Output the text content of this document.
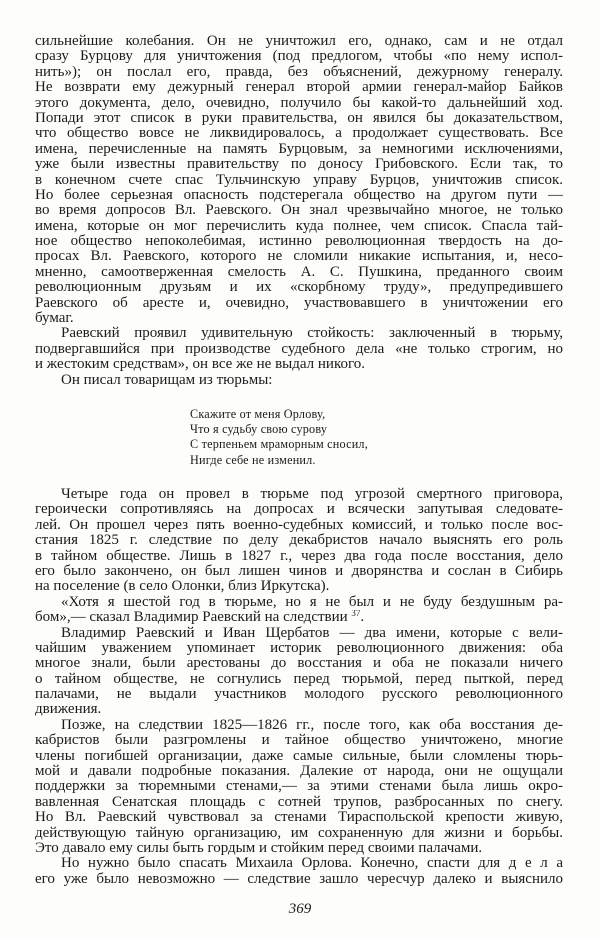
сильнейшие колебания. Он не уничтожил его, однако, сам и не отдал
сразу Бурцову для уничтожения (под предлогом, чтобы «по нему испол-
нить»); он послал его, правда, без объяснений, дежурному генералу.
Не возврати ему дежурный генерал второй армии генерал-майор Байков
этого документа, дело, очевидно, получило бы какой-то дальнейший ход.
Попади этот список в руки правительства, он явился бы доказательством,
что общество вовсе не ликвидировалось, а продолжает существовать. Все
имена, перечисленные на память Бурцовым, за немногими исключениями,
уже были известны правительству по доносу Грибовского. Если так, то
в конечном счете спас Тульчинскую управу Бурцов, уничтожив список.
Но более серьезная опасность подстерегала общество на другом пути —
во время допросов Вл. Раевского. Он знал чрезвычайно многое, не только
имена, которые он мог перечислить куда полнее, чем список. Спасла тай-
ное общество непоколебимая, истинно революционная твердость на до-
просах Вл. Раевского, которого не сломили никакие испытания, и, несо-
мненно, самоотверженная смелость А. С. Пушкина, преданного своим
революционным друзьям и их «скорбному труду», предупредившего
Раевского об аресте и, очевидно, участвовавшего в уничтожении его
бумаг.
Раевский проявил удивительную стойкость: заключенный в тюрьму,
подвергавшийся при производстве судебного дела «не только строгим, но
и жестоким средствам», он все же не выдал никого.
Он писал товарищам из тюрьмы:
Скажите от меня Орлову,
Что я судьбу свою сурову
С терпеньем мраморным сносил,
Нигде себе не изменил.
Четыре года он провел в тюрьме под угрозой смертного приговора,
героически сопротивляясь на допросах и всячески запутывая следовате-
лей. Он прошел через пять военно-судебных комиссий, и только после вос-
стания 1825 г. следствие по делу декабристов начало выяснять его роль
в тайном обществе. Лишь в 1827 г., через два года после восстания, дело
его было закончено, он был лишен чинов и дворянства и сослан в Сибирь
на поселение (в село Олонки, близ Иркутска).
«Хотя я шестой год в тюрьме, но я не был и не буду бездушным ра-
бом»,— сказал Владимир Раевский на следствии $^{37}$.
Владимир Раевский и Иван Щербатов — два имени, которые с вели-
чайшим уважением упоминает историк революционного движения: оба
многое знали, были арестованы до восстания и оба не показали ничего
о тайном обществе, не согнулись перед тюрьмой, перед пыткой, перед
палачами, не выдали участников молодого русского революционного
движения.
Позже, на следствии 1825—1826 гг., после того, как оба восстания де-
кабристов были разгромлены и тайное общество уничтожено, многие
члены погибшей организации, даже самые сильные, были сломлены тюрь-
мой и давали подробные показания. Далекие от народа, они не ощущали
поддержки за тюремными стенами,— за этими стенами была лишь окро-
вавленная Сенатская площадь с сотней трупов, разбросанных по снегу.
Но Вл. Раевский чувствовал за стенами Тираспольской крепости живую,
действующую тайную организацию, им сохраненную для жизни и борьбы.
Это давало ему силы быть гордым и стойким перед своими палачами.
Но нужно было спасать Михаила Орлова. Конечно, спасти для д е л а
его уже было невозможно — следствие зашло чересчур далеко и выяснило
369
